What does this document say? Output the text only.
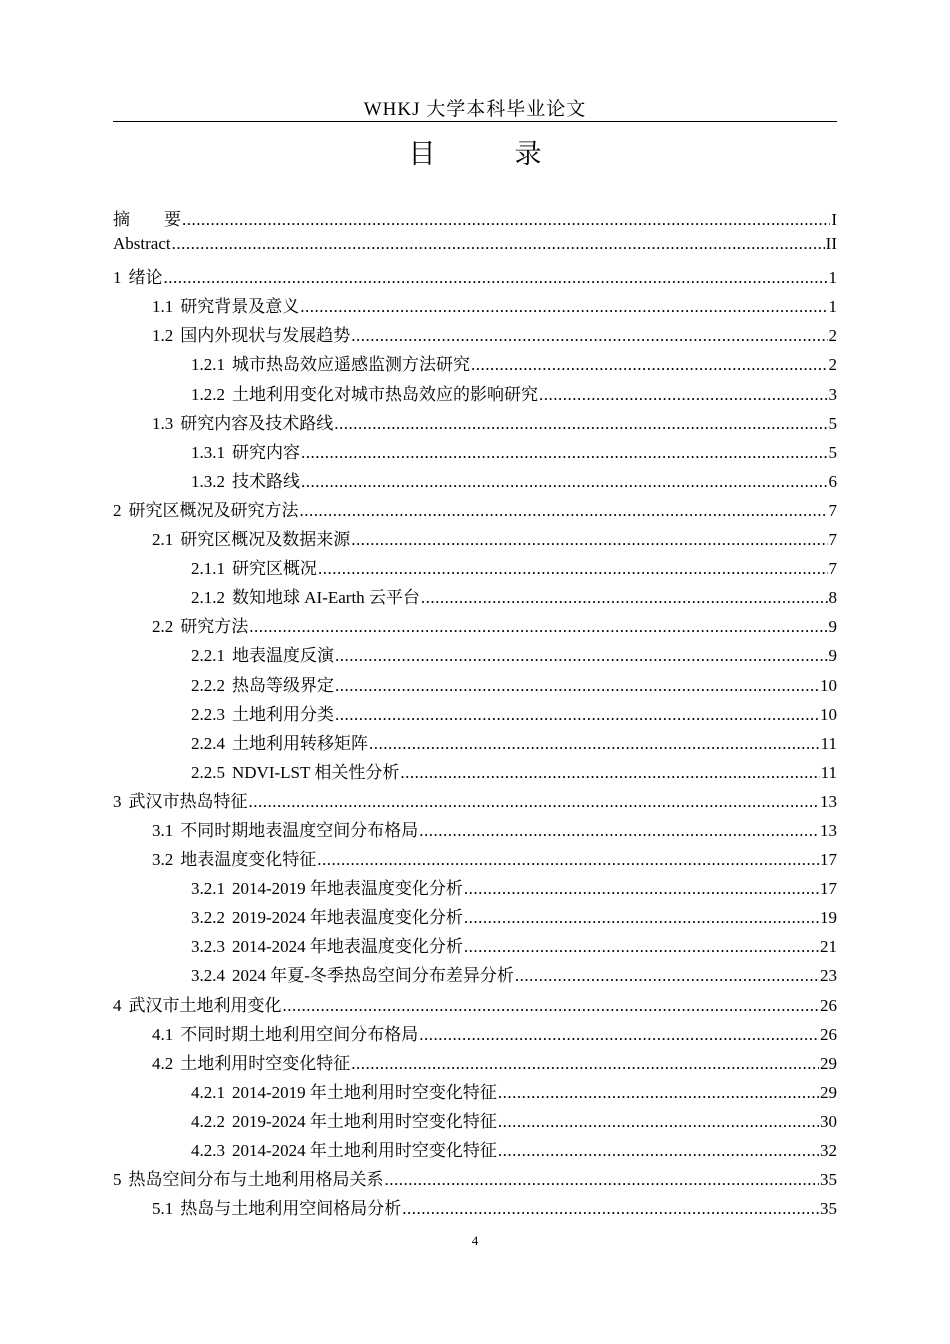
WHKJ 大学本科毕业论文
目　录
摘　　要 .....	I
Abstract .....	II
1 绪论 .....	1
1.1 研究背景及意义 .....	1
1.2 国内外现状与发展趋势 .....	2
1.2.1 城市热岛效应遥感监测方法研究 .....	2
1.2.2 土地利用变化对城市热岛效应的影响研究 .....	3
1.3 研究内容及技术路线 .....	5
1.3.1 研究内容 .....	5
1.3.2 技术路线 .....	6
2 研究区概况及研究方法 .....	7
2.1 研究区概况及数据来源 .....	7
2.1.1 研究区概况 .....	7
2.1.2 数知地球 AI-Earth 云平台 .....	8
2.2 研究方法 .....	9
2.2.1 地表温度反演 .....	9
2.2.2 热岛等级界定 .....	10
2.2.3 土地利用分类 .....	10
2.2.4 土地利用转移矩阵 .....	11
2.2.5 NDVI-LST 相关性分析 .....	11
3 武汉市热岛特征 .....	13
3.1 不同时期地表温度空间分布格局 .....	13
3.2 地表温度变化特征 .....	17
3.2.1 2014-2019 年地表温度变化分析 .....	17
3.2.2 2019-2024 年地表温度变化分析 .....	19
3.2.3 2014-2024 年地表温度变化分析 .....	21
3.2.4 2024 年夏-冬季热岛空间分布差异分析 .....	23
4 武汉市土地利用变化 .....	26
4.1 不同时期土地利用空间分布格局 .....	26
4.2 土地利用时空变化特征 .....	29
4.2.1 2014-2019 年土地利用时空变化特征 .....	29
4.2.2 2019-2024 年土地利用时空变化特征 .....	30
4.2.3 2014-2024 年土地利用时空变化特征 .....	32
5 热岛空间分布与土地利用格局关系 .....	35
5.1 热岛与土地利用空间格局分析 .....	35
4
